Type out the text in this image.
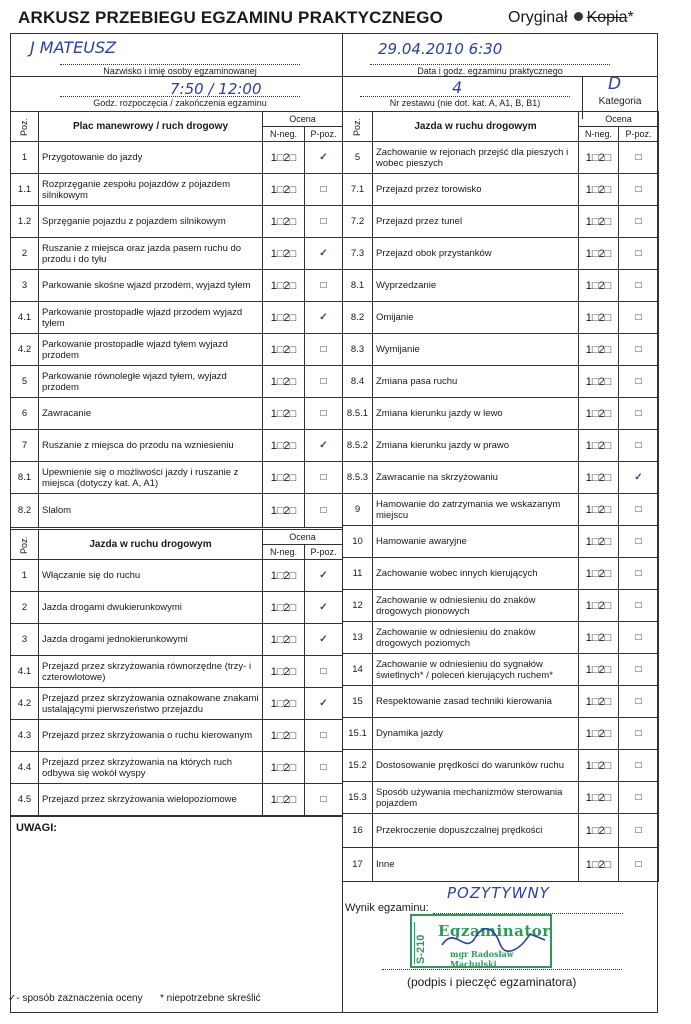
ARKUSZ PRZEBIEGU EGZAMINU PRAKTYCZNEGO	Oryginał Kopia*
J MATEUSZ
Nazwisko i imię osoby egzaminowanej
29.04.2010 6:30
Data i godz. egzaminu praktycznego
7:50 / 12:00
Godz. rozpoczęcia / zakończenia egzaminu
4
Nr zestawu (nie dot. kat. A, A1, B, B1)
D
Kategoria
Poz.	Plac manewrowy / ruch drogowy	Ocena	
		N-neg.	P-poz.
1	Przygotowanie do jazdy	1□2□	✓
1.1	Rozprzęganie zespołu pojazdów z pojazdem silnikowym	1□2□	□
1.2	Sprzęganie pojazdu z pojazdem silnikowym	1□2□	□
2	Ruszanie z miejsca oraz jazda pasem ruchu do przodu i do tyłu	1□2□	✓
3	Parkowanie skośne wjazd przodem, wyjazd tyłem	1□2□	□
4.1	Parkowanie prostopadłe wjazd przodem wyjazd tyłem	1□2□	✓
4.2	Parkowanie prostopadłe wjazd tyłem wyjazd przodem	1□2□	□
5	Parkowanie równoległe wjazd tyłem, wyjazd przodem	1□2□	□
6	Zawracanie	1□2□	□
7	Ruszanie z miejsca do przodu na wzniesieniu	1□2□	✓
8.1	Upewnienie się o możliwości jazdy i ruszanie z miejsca (dotyczy kat. A, A1)	1□2□	□
8.2	Slalom	1□2□	□
Poz.	Jazda w ruchu drogowym	Ocena	
		N-neg.	P-poz.
1	Włączanie się do ruchu	1□2□	✓
2	Jazda drogami dwukierunkowymi	1□2□	✓
3	Jazda drogami jednokierunkowymi	1□2□	✓
4.1	Przejazd przez skrzyżowania równorzędne (trzy- i czterowlotowe)	1□2□	□
4.2	Przejazd przez skrzyżowania oznakowane znakami ustalającymi pierwszeństwo przejazdu	1□2□	✓
4.3	Przejazd przez skrzyżowania o ruchu kierowanym	1□2□	□
4.4	Przejazd przez skrzyżowania na których ruch odbywa się wokół wyspy	1□2□	□
4.5	Przejazd przez skrzyżowania wielopoziomowe	1□2□	□
Poz.	Jazda w ruchu drogowym	Ocena	
		N-neg.	P-poz.
5	Zachowanie w rejonach przejść dla pieszych i wobec pieszych	1□2□	□
7.1	Przejazd przez torowisko	1□2□	□
7.2	Przejazd przez tunel	1□2□	□
7.3	Przejazd obok przystanków	1□2□	□
8.1	Wyprzedzanie	1□2□	□
8.2	Omijanie	1□2□	□
8.3	Wymijanie	1□2□	□
8.4	Zmiana pasa ruchu	1□2□	□
8.5.1	Zmiana kierunku jazdy w lewo	1□2□	□
8.5.2	Zmiana kierunku jazdy w prawo	1□2□	□
8.5.3	Zawracanie na skrzyżowaniu	1□2□	✓
9	Hamowanie do zatrzymania we wskazanym miejscu	1□2□	□
10	Hamowanie awaryjne	1□2□	□
11	Zachowanie wobec innych kierujących	1□2□	□
12	Zachowanie w odniesieniu do znaków drogowych pionowych	1□2□	□
13	Zachowanie w odniesieniu do znaków drogowych poziomych	1□2□	□
14	Zachowanie w odniesieniu do sygnałów świetlnych* / poleceń kierujących ruchem*	1□2□	□
15	Respektowanie zasad techniki kierowania	1□2□	□
15.1	Dynamika jazdy	1□2□	□
15.2	Dostosowanie prędkości do warunków ruchu	1□2□	□
15.3	Sposób używania mechanizmów sterowania pojazdem	1□2□	□
16	Przekroczenie dopuszczalnej prędkości	1□2□	□
17	Inne	1□2□	□
UWAGI:
Wynik egzaminu:
POZYTYWNY
S-210
Egzaminator
mgr Radosław Machulski
(podpis i pieczęć egzaminatora)
✓- sposób zaznaczenia oceny * niepotrzebne skreślić
